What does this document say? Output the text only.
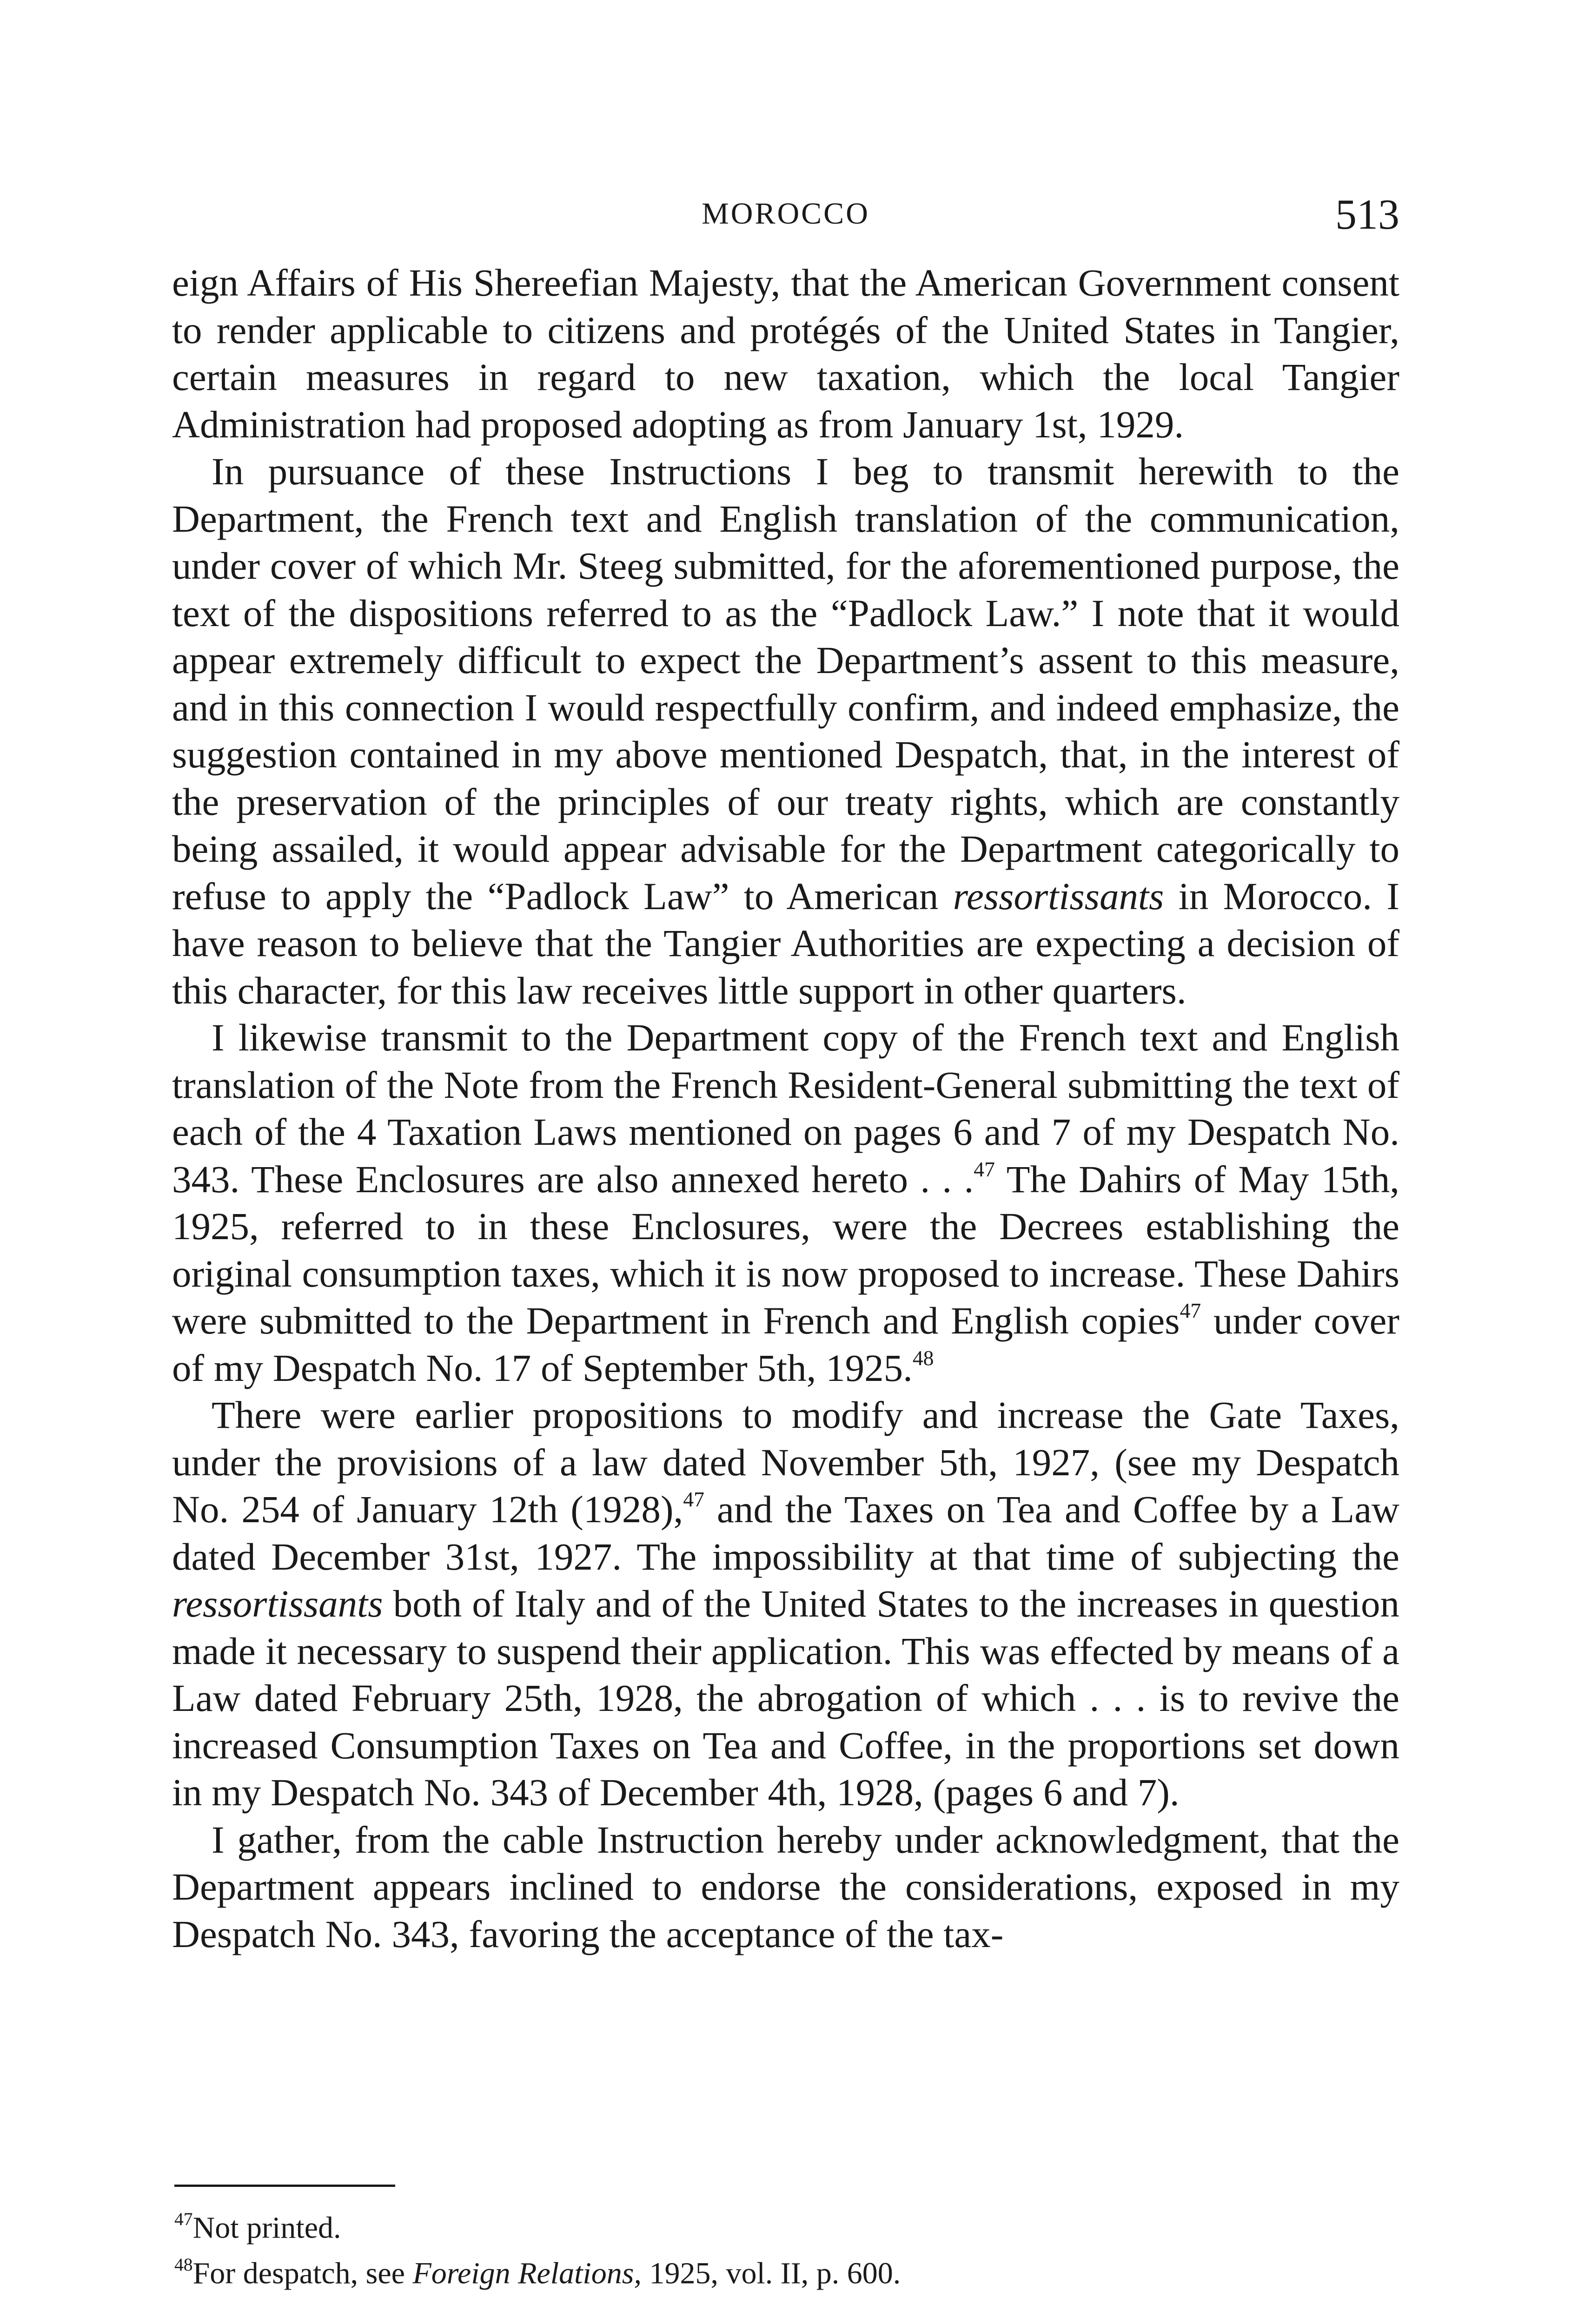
MOROCCO	513

eign Affairs of His Shereefian Majesty, that the American Government consent to render applicable to citizens and protégés of the United States in Tangier, certain measures in regard to new taxation, which the local Tangier Administration had proposed adopting as from January 1st, 1929.

In pursuance of these Instructions I beg to transmit herewith to the Department, the French text and English translation of the communication, under cover of which Mr. Steeg submitted, for the aforementioned purpose, the text of the dispositions referred to as the “Padlock Law.” I note that it would appear extremely difficult to expect the Department’s assent to this measure, and in this connection I would respectfully confirm, and indeed emphasize, the suggestion contained in my above mentioned Despatch, that, in the interest of the preservation of the principles of our treaty rights, which are constantly being assailed, it would appear advisable for the Department categorically to refuse to apply the “Padlock Law” to American ressortissants in Morocco. I have reason to believe that the Tangier Authorities are expecting a decision of this character, for this law receives little support in other quarters.

I likewise transmit to the Department copy of the French text and English translation of the Note from the French Resident-General submitting the text of each of the 4 Taxation Laws mentioned on pages 6 and 7 of my Despatch No. 343. These Enclosures are also annexed hereto . . .$^{47}$ The Dahirs of May 15th, 1925, referred to in these Enclosures, were the Decrees establishing the original consumption taxes, which it is now proposed to increase. These Dahirs were submitted to the Department in French and English copies$^{47}$ under cover of my Despatch No. 17 of September 5th, 1925.48

There were earlier propositions to modify and increase the Gate Taxes, under the provisions of a law dated November 5th, 1927, (see my Despatch No. 254 of January 12th (1928),$^{47}$ and the Taxes on Tea and Coffee by a Law dated December 31st, 1927. The impossibility at that time of subjecting the ressortissants both of Italy and of the United States to the increases in question made it necessary to suspend their application. This was effected by means of a Law dated February 25th, 1928, the abrogation of which . . . is to revive the increased Consumption Taxes on Tea and Coffee, in the proportions set down in my Despatch No. 343 of December 4th, 1928, (pages 6 and 7).

I gather, from the cable Instruction hereby under acknowledgment, that the Department appears inclined to endorse the considerations, exposed in my Despatch No. 343, favoring the acceptance of the tax-

$^{47}$Not printed.
$^{48}$For despatch, see Foreign Relations, 1925, vol. II, p. 600.
